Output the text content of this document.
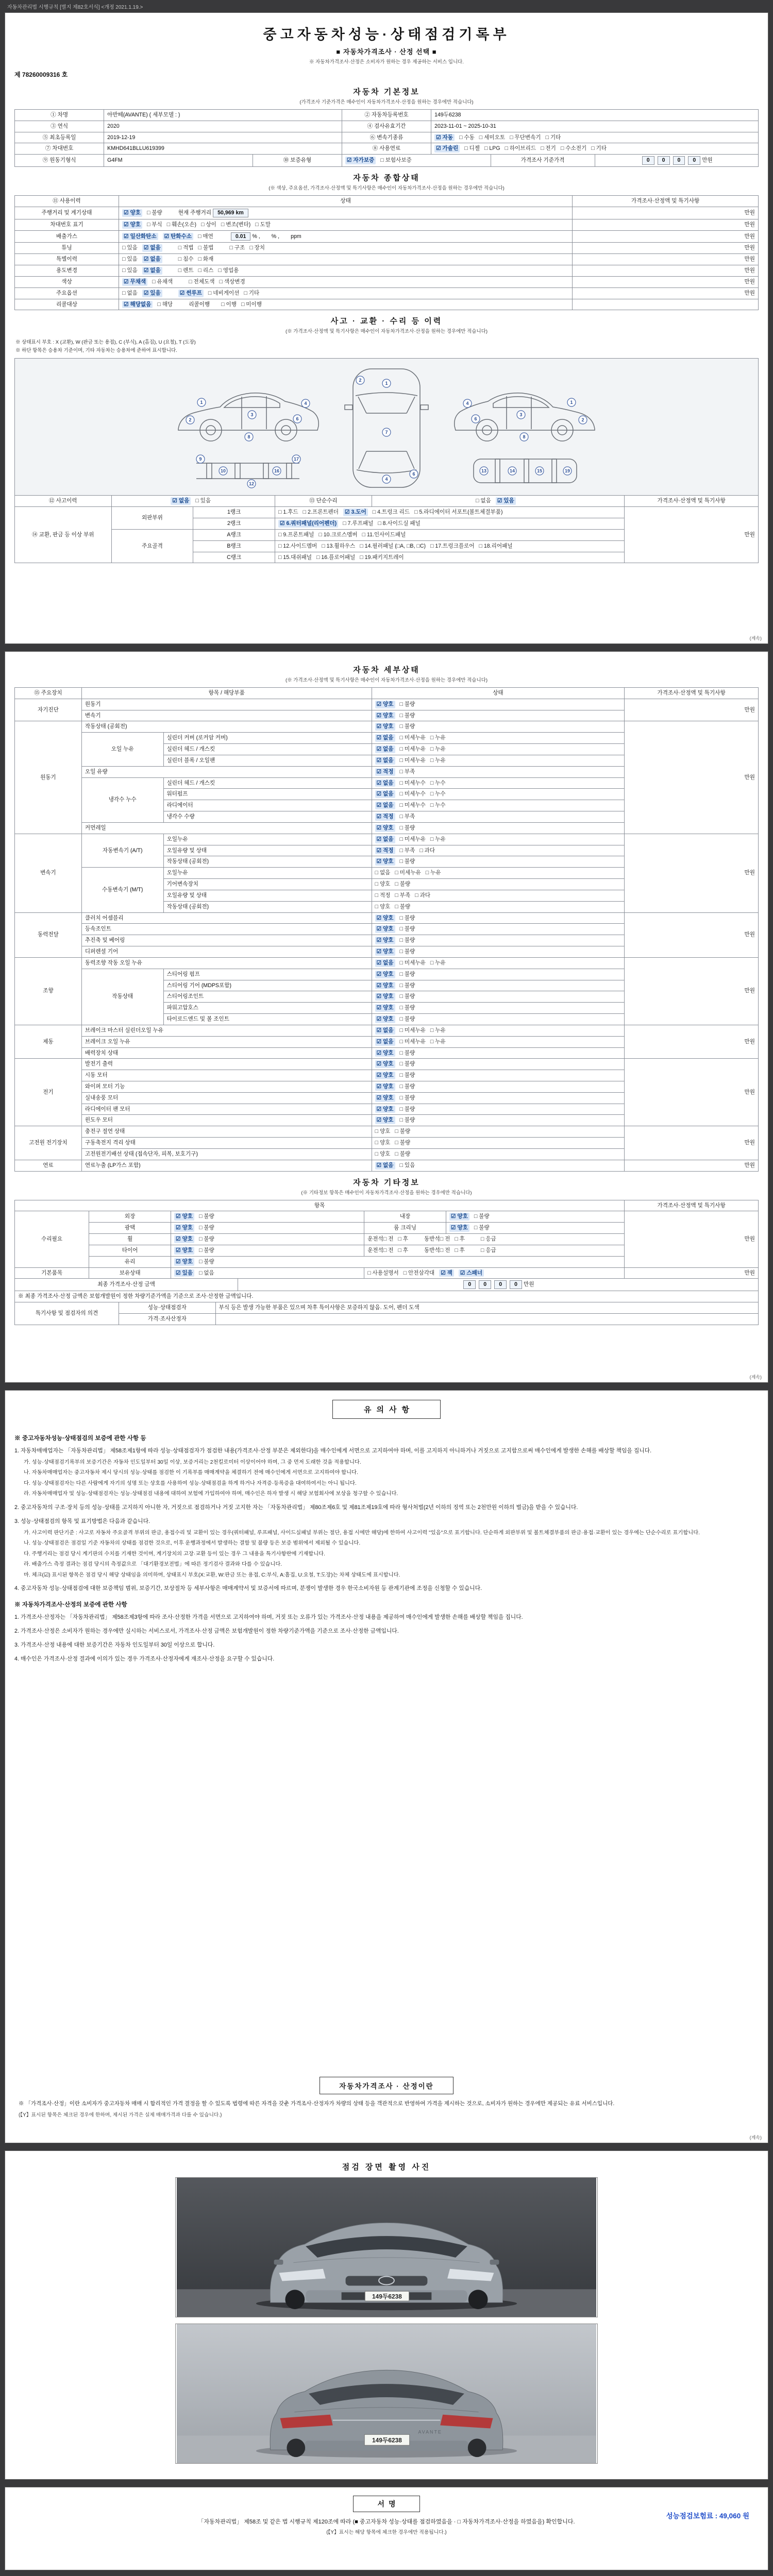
자동차관리법 시행규칙 [별지 제82호서식] <개정 2021.1.19.>
중고자동차성능·상태점검기록부
■ 자동차가격조사 · 산정 선택 ■
※ 자동차가격조사·산정은 소비자가 원하는 경우 제공하는 서비스 입니다.
제 78260009316 호
자동차 기본정보
(가격조사 기준가격은 매수인이 자동차가격조사·산정을 원하는 경우에만 적습니다)
① 차명	아반떼(AVANTE) ( 세부모델 : )	② 자동차등록번호	149두6238
③ 연식	2020	④ 검사유효기간	2023-11-01 ~ 2025-10-31
⑤ 최초등록일	2019-12-19	⑥ 변속기종류	☑ 자동 □ 수동 □ 세미오토 □ 무단변속기 □ 기타
⑦ 차대번호	KMHD641BLLU619399	⑧ 사용연료	☑ 가솔린 □ 디젤 □ LPG □ 하이브리드 □ 전기 □ 수소전기 □ 기타
⑨ 원동기형식	G4FM	⑩ 보증유형	☑ 자가보증 □ 보험사보증	가격조사 기준가격	0 0 0 0 만원
자동차 종합상태
(※ 색상, 주요옵션, 가격조사·산정액 및 특기사항은 매수인이 자동차가격조사·산정을 원하는 경우에만 적습니다)
⑪ 사용이력	상태	가격조사·산정액 및 특기사항
주행거리 및 계기상태	☑ 양호 □ 불량 현재 주행거리 50,969 km	만원
차대번호 표기	☑ 양호 □ 부식 □ 훼손(오손) □ 상이 □ 변조(변타) □ 도말	만원
배출가스	☑ 일산화탄소 ☑ 탄화수소 □ 매연 0.01 % , % , ppm	만원
튜닝	□ 있음 ☑ 없음 □ 적법 □ 불법 □ 구조 □ 장치	만원
특별이력	□ 있음 ☑ 없음 □ 침수 □ 화재	만원
용도변경	□ 있음 ☑ 없음 □ 렌트 □ 리스 □ 영업용	만원
색상	☑ 무채색 □ 유채색 □ 전체도색 □ 색상변경	만원
주요옵션	□ 없음 ☑ 있음 ☑ 썬루프 □ 네비게이션 □ 기타	만원
리콜대상	☑ 해당없음 □ 해당 리콜이행 □ 이행 □ 미이행	
사고 · 교환 · 수리 등 이력
(※ 가격조사·산정액 및 특기사항은 매수인이 자동차가격조사·산정을 원하는 경우에만 적습니다)
※ 상태표시 부호 : X (교환), W (판금 또는 용접), C (부식), A (흠집), U (요철), T (도장)
※ 하단 항목은 승용차 기준이며, 기타 자동차는 승용차에 준하여 표시합니다.
1
2
3
8
6
4
9
10
12
16
17
1
2
7
4
6
1
2
3
8
6
4
13	14	15	19
⑫ 사고이력	☑ 없음 □ 있음		⑬ 단순수리	□ 없음 ☑ 있음	가격조사·산정액 및 특기사항
⑭ 교환, 판금 등 이상 부위	외판부위	1랭크	□ 1.후드 □ 2.프론트펜더 ☑ 3.도어 □ 4.트렁크 리드 □ 5.라디에이터 서포트(볼트체결부품)		만원
		2랭크	☑ 6.쿼터패널(리어펜더) □ 7.루프패널 □ 8.사이드실 패널		
	주요골격	A랭크	□ 9.프론트패널 □ 10.크로스멤버 □ 11.인사이드패널		
		B랭크	□ 12.사이드멤버 □ 13.휠하우스 □ 14.필러패널 (□A, □B, □C) □ 17.트렁크플로어 □ 18.리어패널		
		C랭크	□ 15.대쉬패널 □ 16.플로어패널 □ 19.패키지트레이		
(계속)
자동차 세부상태
(※ 가격조사·산정액 및 특기사항은 매수인이 자동차가격조사·산정을 원하는 경우에만 적습니다)
⑮ 주요장치	항목 / 해당부품		상태	가격조사·산정액 및 특기사항
자기진단	원동기		☑ 양호 □ 불량	만원
	변속기		☑ 양호 □ 불량	
원동기	작동상태 (공회전)		☑ 양호 □ 불량	만원
	오일 누유	실린더 커버 (로커암 커버)	☑ 없음 □ 미세누유 □ 누유	
		실린더 헤드 / 개스킷	☑ 없음 □ 미세누유 □ 누유	
		실린더 블록 / 오일팬	☑ 없음 □ 미세누유 □ 누유	
	오일 유량		☑ 적정 □ 부족	
	냉각수 누수	실린더 헤드 / 개스킷	☑ 없음 □ 미세누수 □ 누수	
		워터펌프	☑ 없음 □ 미세누수 □ 누수	
		라디에이터	☑ 없음 □ 미세누수 □ 누수	
		냉각수 수량	☑ 적정 □ 부족	
	커먼레일		☑ 양호 □ 불량	
변속기	자동변속기 (A/T)	오일누유	☑ 없음 □ 미세누유 □ 누유	만원
		오일유량 및 상태	☑ 적정 □ 부족 □ 과다	
		작동상태 (공회전)	☑ 양호 □ 불량	
	수동변속기 (M/T)	오일누유	□ 없음 □ 미세누유 □ 누유	
		기어변속장치	□ 양호 □ 불량	
		오일유량 및 상태	□ 적정 □ 부족 □ 과다	
		작동상태 (공회전)	□ 양호 □ 불량	
동력전달	클러치 어셈블리		☑ 양호 □ 불량	만원
	등속조인트		☑ 양호 □ 불량	
	추진축 및 베어링		☑ 양호 □ 불량	
	디퍼렌셜 기어		☑ 양호 □ 불량	
조향	동력조향 작동 오일 누유		☑ 없음 □ 미세누유 □ 누유	만원
	작동상태	스티어링 펌프	☑ 양호 □ 불량	
		스티어링 기어 (MDPS포함)	☑ 양호 □ 불량	
		스티어링조인트	☑ 양호 □ 불량	
		파워고압호스	☑ 양호 □ 불량	
		타이로드엔드 및 볼 조인트	☑ 양호 □ 불량	
제동	브레이크 마스터 실린더오일 누유		☑ 없음 □ 미세누유 □ 누유	만원
	브레이크 오일 누유		☑ 없음 □ 미세누유 □ 누유	
	배력장치 상태		☑ 양호 □ 불량	
전기	발전기 출력		☑ 양호 □ 불량	만원
	시동 모터		☑ 양호 □ 불량	
	와이퍼 모터 기능		☑ 양호 □ 불량	
	실내송풍 모터		☑ 양호 □ 불량	
	라디에이터 팬 모터		☑ 양호 □ 불량	
	윈도우 모터		☑ 양호 □ 불량	
고전원 전기장치	충전구 절연 상태		□ 양호 □ 불량	만원
	구동축전지 격리 상태		□ 양호 □ 불량	
	고전원전기배선 상태 (접속단자, 피복, 보호기구)		□ 양호 □ 불량	
연료	연료누출 (LP가스 포함)		☑ 없음 □ 있음	만원
자동차 기타정보
(※ 기타정보 항목은 매수인이 자동차가격조사·산정을 원하는 경우에만 적습니다)
항목					가격조사·산정액 및 특기사항
수리필요	외장	☑ 양호 □ 불량	내장	☑ 양호 □ 불량	만원
	광택	☑ 양호 □ 불량	룸 크리닝	☑ 양호 □ 불량	
	휠	☑ 양호 □ 불량	운전석□ 전 □ 후 동반석□ 전 □ 후 □ 응급		
	타이어	☑ 양호 □ 불량	운전석□ 전 □ 후 동반석□ 전 □ 후 □ 응급		
	유리	☑ 양호 □ 불량			
기본품목	보유상태	☑ 있음 □ 없음	□ 사용설명서 □ 안전삼각대 ☑ 잭 ☑ 스패너		만원
최종 가격조사·산정 금액	0 0 0 0 만원
※ 최종 가격조사·산정 금액은 보험개발원이 정한 차량기준가액을 기준으로 조사·산정한 금액입니다.
특기사항 및 점검자의 의견	성능·상태점검자	부식 등은 발생 가능한 부품은 있으며 차후 특이사항은 보증하지 않음. 도어, 펜더 도색
	가격·조사산정자	
(계속)
유의사항
※ 중고자동차성능·상태점검의 보증에 관한 사항 등
1. 자동차매매업자는 「자동차관리법」 제58조제1항에 따라 성능·상태점검자가 점검한 내용(가격조사·산정 부분은 제외한다)을 매수인에게 서면으로 고지하여야 하며, 이를 고지하지 아니하거나 거짓으로 고지함으로써 매수인에게 발생한 손해를 배상할 책임을 집니다.
가. 성능·상태점검기록부의 보증기간은 자동차 인도일부터 30일 이상, 보증거리는 2천킬로미터 이상이어야 하며, 그 중 먼저 도래한 것을 적용합니다.
나. 자동차매매업자는 중고자동차 제시 당시의 성능·상태를 점검한 이 기록부를 매매계약을 체결하기 전에 매수인에게 서면으로 고지하여야 합니다.
다. 성능·상태점검자는 다른 사람에게 자기의 성명 또는 상호를 사용하여 성능·상태점검을 하게 하거나 자격증·등록증을 대여하여서는 아니 됩니다.
라. 자동차매매업자 및 성능·상태점검자는 성능·상태점검 내용에 대하여 보험에 가입하여야 하며, 매수인은 하자 발생 시 해당 보험회사에 보상을 청구할 수 있습니다.
2. 중고자동차의 구조·장치 등의 성능·상태를 고지하지 아니한 자, 거짓으로 점검하거나 거짓 고지한 자는 「자동차관리법」 제80조제6호 및 제81조제19호에 따라 형사처벌(2년 이하의 징역 또는 2천만원 이하의 벌금)을 받을 수 있습니다.
3. 성능·상태점검의 항목 및 표기방법은 다음과 같습니다.
가. 사고이력 판단기준 : 사고로 자동차 주요골격 부위의 판금, 용접수리 및 교환이 있는 경우(쿼터패널, 루프패널, 사이드실패널 부위는 절단, 용접 시에만 해당)에 한하여 사고이력 "있음"으로 표기합니다. 단순하게 외판부위 및 볼트체결부품의 판금·용접·교환이 있는 경우에는 단순수리로 표기합니다.
나. 성능·상태점검은 점검일 기준 자동차의 상태를 점검한 것으로, 이후 운행과정에서 발생하는 결함 및 불량 등은 보증 범위에서 제외될 수 있습니다.
다. 주행거리는 점검 당시 계기판의 수치를 기재한 것이며, 계기장치의 고장·교환 등이 있는 경우 그 내용을 특기사항란에 기재합니다.
라. 배출가스 측정 결과는 점검 당시의 측정값으로 「대기환경보전법」에 따른 정기검사 결과와 다를 수 있습니다.
마. 체크(☑) 표시된 항목은 점검 당시 해당 상태임을 의미하며, 상태표시 부호(X:교환, W:판금 또는 용접, C:부식, A:흠집, U:요철, T:도장)는 차체 상태도에 표시합니다.
4. 중고자동차 성능·상태점검에 대한 보증책임 범위, 보증기간, 보상절차 등 세부사항은 매매계약서 및 보증서에 따르며, 분쟁이 발생한 경우 한국소비자원 등 관계기관에 조정을 신청할 수 있습니다.
※ 자동차가격조사·산정의 보증에 관한 사항
1. 가격조사·산정자는 「자동차관리법」 제58조제3항에 따라 조사·산정한 가격을 서면으로 고지하여야 하며, 거짓 또는 오류가 있는 가격조사·산정 내용을 제공하여 매수인에게 발생한 손해를 배상할 책임을 집니다.
2. 가격조사·산정은 소비자가 원하는 경우에만 실시하는 서비스로서, 가격조사·산정 금액은 보험개발원이 정한 차량기준가액을 기준으로 조사·산정한 금액입니다.
3. 가격조사·산정 내용에 대한 보증기간은 자동차 인도일부터 30일 이상으로 합니다.
4. 매수인은 가격조사·산정 결과에 이의가 있는 경우 가격조사·산정자에게 재조사·산정을 요구할 수 있습니다.
자동차가격조사 · 산정이란
※ 「가격조사·산정」이란 소비자가 중고자동차 매매 시 합리적인 가격 결정을 할 수 있도록 법령에 따른 자격을 갖춘 가격조사·산정자가 차량의 상태 등을 객관적으로 반영하여 가격을 제시하는 것으로, 소비자가 원하는 경우에만 제공되는 유료 서비스입니다.
(【Y】표시된 항목은 체크된 경우에 한하며, 제시된 가격은 실제 매매가격과 다를 수 있습니다.)
(계속)
점검 장면 촬영 사진
149두6238
AVANTE
149두6238
서명
성능점검보험료 : 49,060 원
「자동차관리법」 제58조 및 같은 법 시행규칙 제120조에 따라 (■ 중고자동차 성능·상태를 점검하였음을 · □ 자동차가격조사·산정을 하였음을) 확인합니다.
(【Y】표시는 해당 항목에 체크한 경우에만 적용됩니다.)
